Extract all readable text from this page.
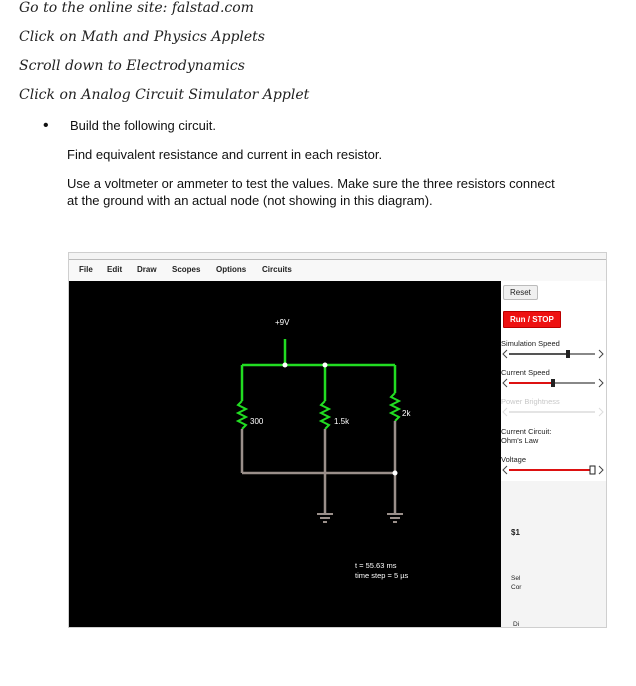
Go to the online site: falstad.com
Click on Math and Physics Applets
Scroll down to Electrodynamics
Click on Analog Circuit Simulator Applet
• Build the following circuit.
Find equivalent resistance and current in each resistor.
Use a voltmeter or ammeter to test the values. Make sure the three resistors connect
at the ground with an actual node (not showing in this diagram).
File Edit Draw Scopes Options Circuits
+9V
300	1.5k
2k
t = 55.63 ms
time step = 5 µs
Reset
Run / STOP
Simulation Speed
Current Speed
Power Brightness
Current Circuit:
Ohm's Law
Voltage
$1
Sel
Cor
Di
